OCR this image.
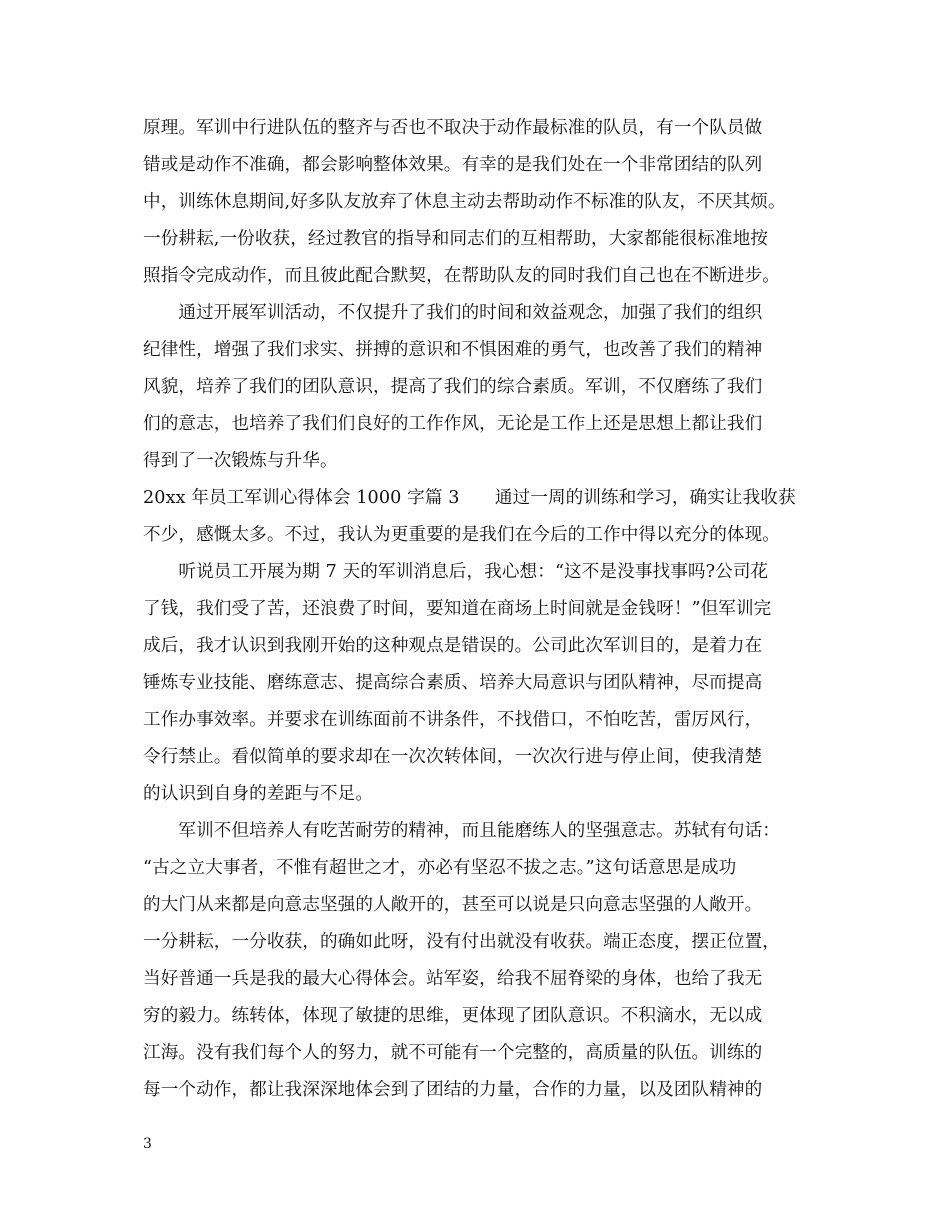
原理。军训中行进队伍的整齐与否也不取决于动作最标准的队员，有一个队员做
错或是动作不准确，都会影响整体效果。有幸的是我们处在一个非常团结的队列
中，训练休息期间,好多队友放弃了休息主动去帮助动作不标准的队友，不厌其烦。
一份耕耘,一份收获，经过教官的指导和同志们的互相帮助，大家都能很标准地按
照指令完成动作，而且彼此配合默契，在帮助队友的同时我们自己也在不断进步。
　　通过开展军训活动，不仅提升了我们的时间和效益观念，加强了我们的组织
纪律性，增强了我们求实、拼搏的意识和不惧困难的勇气，也改善了我们的精神
风貌，培养了我们的团队意识，提高了我们的综合素质。军训，不仅磨练了我们
们的意志，也培养了我们们良好的工作作风，无论是工作上还是思想上都让我们
得到了一次锻炼与升华。
20xx 年员工军训心得体会 1000 字篇 3　　通过一周的训练和学习，确实让我收获
不少，感慨太多。不过，我认为更重要的是我们在今后的工作中得以充分的体现。
　　听说员工开展为期 7 天的军训消息后，我心想：“这不是没事找事吗?公司花
了钱，我们受了苦，还浪费了时间，要知道在商场上时间就是金钱呀！”但军训完
成后，我才认识到我刚开始的这种观点是错误的。公司此次军训目的，是着力在
锤炼专业技能、磨练意志、提高综合素质、培养大局意识与团队精神，尽而提高
工作办事效率。并要求在训练面前不讲条件，不找借口，不怕吃苦，雷厉风行，
令行禁止。看似简单的要求却在一次次转体间，一次次行进与停止间，使我清楚
的认识到自身的差距与不足。
　　军训不但培养人有吃苦耐劳的精神，而且能磨练人的坚强意志。苏轼有句话：
“古之立大事者，不惟有超世之才，亦必有坚忍不拔之志。”这句话意思是成功
的大门从来都是向意志坚强的人敞开的，甚至可以说是只向意志坚强的人敞开。
一分耕耘，一分收获，的确如此呀，没有付出就没有收获。端正态度，摆正位置，
当好普通一兵是我的最大心得体会。站军姿，给我不屈脊梁的身体，也给了我无
穷的毅力。练转体，体现了敏捷的思维，更体现了团队意识。不积滴水，无以成
江海。没有我们每个人的努力，就不可能有一个完整的，高质量的队伍。训练的
每一个动作，都让我深深地体会到了团结的力量，合作的力量，以及团队精神的
3
